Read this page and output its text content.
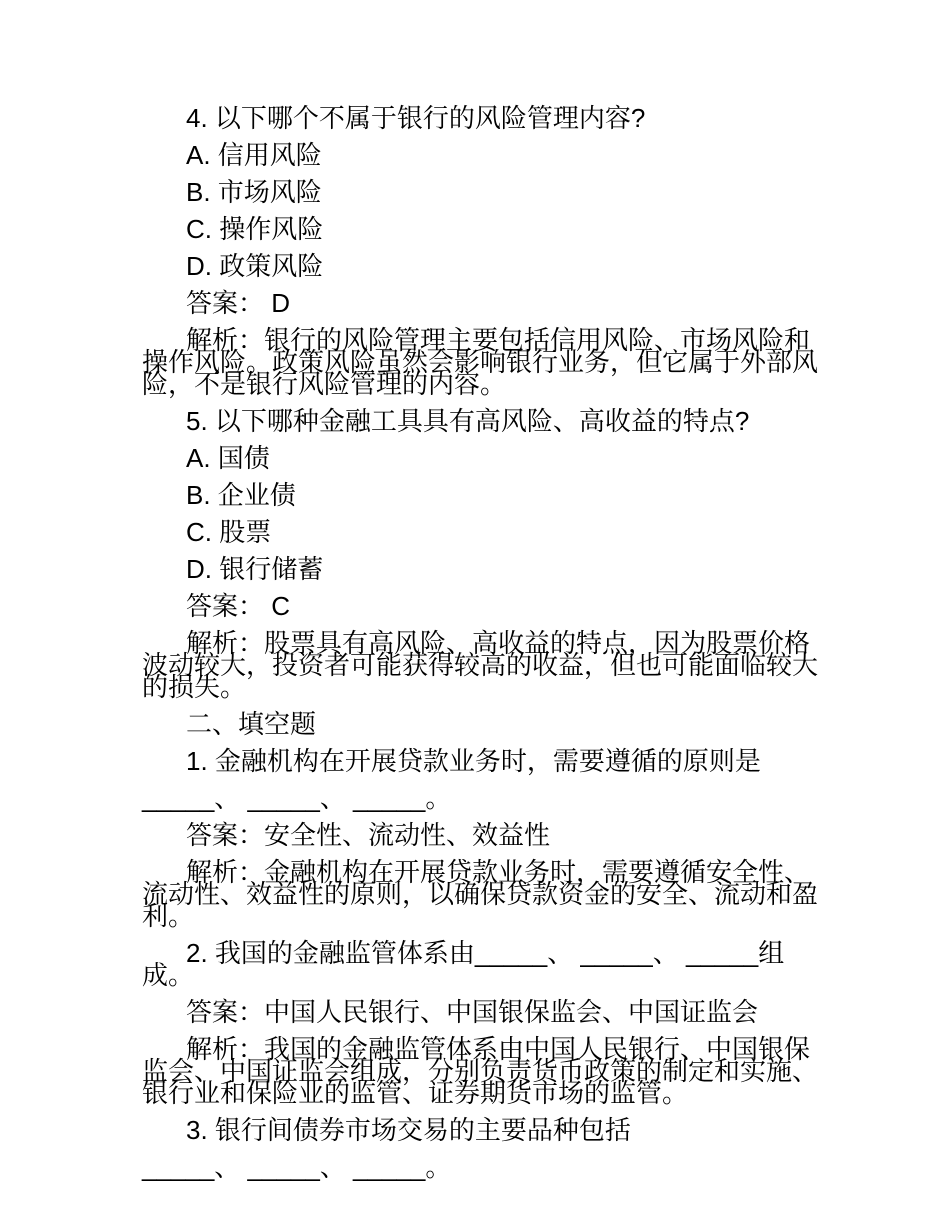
4. 以下哪个不属于银行的风险管理内容?

A. 信用风险

B. 市场风险

C. 操作风险

D. 政策风险

答案： D

解析：银行的风险管理主要包括信用风险、市场风险和操作风险。政策风险虽然会影响银行业务，但它属于外部风险，不是银行风险管理的内容。

5. 以下哪种金融工具具有高风险、高收益的特点?

A. 国债

B. 企业债

C. 股票

D. 银行储蓄

答案： C

解析：股票具有高风险、高收益的特点，因为股票价格波动较大，投资者可能获得较高的收益，但也可能面临较大的损失。

二、填空题

1. 金融机构在开展贷款业务时，需要遵循的原则是

_____、 _____、 _____。

答案：安全性、流动性、效益性

解析：金融机构在开展贷款业务时，需要遵循安全性、流动性、效益性的原则，以确保贷款资金的安全、流动和盈利。

2. 我国的金融监管体系由_____、 _____、 _____组成。

答案：中国人民银行、中国银保监会、中国证监会

解析：我国的金融监管体系由中国人民银行、中国银保监会、中国证监会组成，分别负责货币政策的制定和实施、银行业和保险业的监管、证券期货市场的监管。

3. 银行间债券市场交易的主要品种包括

_____、 _____、 _____。
